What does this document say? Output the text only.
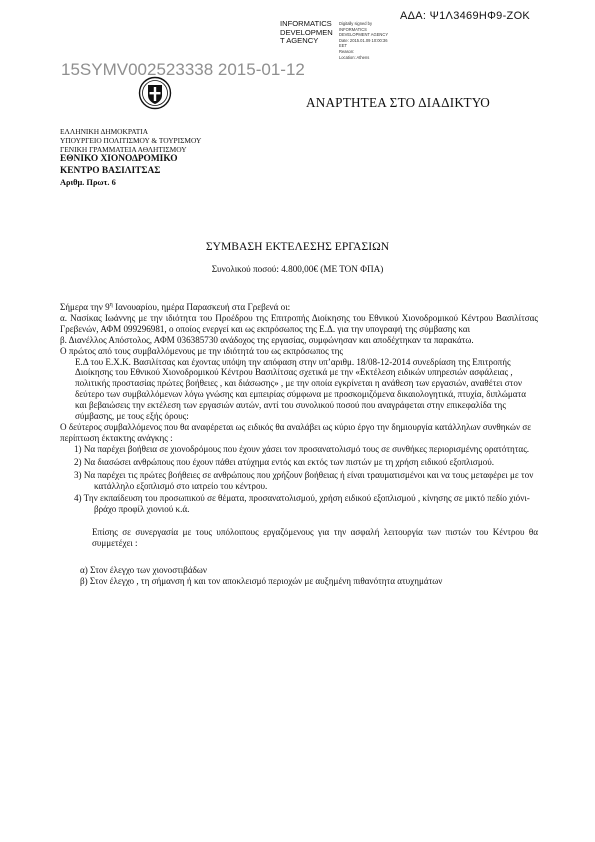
ΑΔΑ: Ψ1Λ3469ΗΦ9-ΖΟΚ
INFORMATICS
DEVELOPMEN
T AGENCY
Digitally signed by
INFORMATICS
DEVELOPMENT AGENCY
Date: 2015.01.09 10:00:36
EET
Reason:
Location: Athens
15SYMV002523338 2015-01-12
ΑΝΑΡΤΗΤΕΑ ΣΤΟ ΔΙΑΔΙΚΤΥΟ
ΕΛΛΗΝΙΚΗ ΔΗΜΟΚΡΑΤΙΑ
ΥΠΟΥΡΓΕΙΟ ΠΟΛΙΤΙΣΜΟΥ & ΤΟΥΡΙΣΜΟΥ
ΓΕΝΙΚΗ ΓΡΑΜΜΑΤΕΙΑ ΑΘΛΗΤΙΣΜΟΥ
ΕΘΝΙΚΟ ΧΙΟΝΟΔΡΟΜΙΚΟ
ΚΕΝΤΡΟ ΒΑΣΙΛΙΤΣΑΣ
Αριθμ. Πρωτ. 6
ΣΥΜΒΑΣΗ ΕΚΤΕΛΕΣΗΣ ΕΡΓΑΣΙΩΝ
Συνολικού ποσού: 4.800,00€ (ΜΕ ΤΟΝ ΦΠΑ)

Σήμερα την $9^\eta$ Ιανουαρίου, ημέρα Παρασκευή στα Γρεβενά οι:

α. Νασίκας Ιωάννης με την ιδιότητα του Προέδρου της Επιτροπής Διοίκησης του Εθνικού Χιονοδρομικού Κέντρου Βασιλίτσας Γρεβενών, ΑΦΜ 099296981, ο οποίος ενεργεί και ως εκπρόσωπος της Ε.Δ. για την υπογραφή της σύμβασης και

β. Διανέλλος Απόστολος, ΑΦΜ 036385730 ανάδοχος της εργασίας, συμφώνησαν και αποδέχτηκαν τα παρακάτω.

Ο πρώτος από τους συμβαλλόμενους με την ιδιότητά του ως εκπρόσωπος της

Ε.Δ του Ε.Χ.Κ. Βασιλίτσας και έχοντας υπόψη την απόφαση στην υπ’αριθμ. 18/08-12-2014 συνεδρίαση της Επιτροπής Διοίκησης του Εθνικού Χιονοδρομικού Κέντρου Βασιλίτσας σχετικά με την «Εκτέλεση ειδικών υπηρεσιών ασφάλειας , πολιτικής προστασίας πρώτες βοήθειες , και διάσωσης» , με την οποία εγκρίνεται η ανάθεση των εργασιών, αναθέτει στον δεύτερο των συμβαλλόμενων λόγω γνώσης και εμπειρίας σύμφωνα με προσκομιζόμενα δικαιολογητικά, πτυχία, διπλώματα και βεβαιώσεις την εκτέλεση των εργασιών αυτών, αντί του συνολικού ποσού που αναγράφεται στην επικεφαλίδα της σύμβασης, με τους εξής όρους:

Ο δεύτερος συμβαλλόμενος που θα αναφέρεται ως ειδικός θα αναλάβει ως κύριο έργο την δημιουργία κατάλληλων συνθηκών σε περίπτωση έκτακτης ανάγκης :

1) Να παρέχει βοήθεια σε χιονοδρόμους που έχουν χάσει τον προσανατολισμό τους σε συνθήκες περιορισμένης ορατότητας.

2) Να διασώσει ανθρώπους που έχουν πάθει ατύχημα εντός και εκτός των πιστών με τη χρήση ειδικού εξοπλισμού.

3) Να παρέχει τις πρώτες βοήθειες σε ανθρώπους που χρήζουν βοήθειας ή είναι τραυματισμένοι και να τους μεταφέρει με τον κατάλληλο εξοπλισμό στο ιατρείο του κέντρου.

4) Την εκπαίδευση του προσωπικού σε θέματα, προσανατολισμού, χρήση ειδικού εξοπλισμού , κίνησης σε μικτό πεδίο χιόνι-βράχο προφίλ χιονιού κ.ά.

Επίσης σε συνεργασία με τους υπόλοιπους εργαζόμενους για την ασφαλή λειτουργία των πιστών του Κέντρου θα συμμετέχει :

α) Στον έλεγχο των χιονοστιβάδων

β) Στον έλεγχο , τη σήμανση ή και τον αποκλεισμό περιοχών με αυξημένη πιθανότητα ατυχημάτων
